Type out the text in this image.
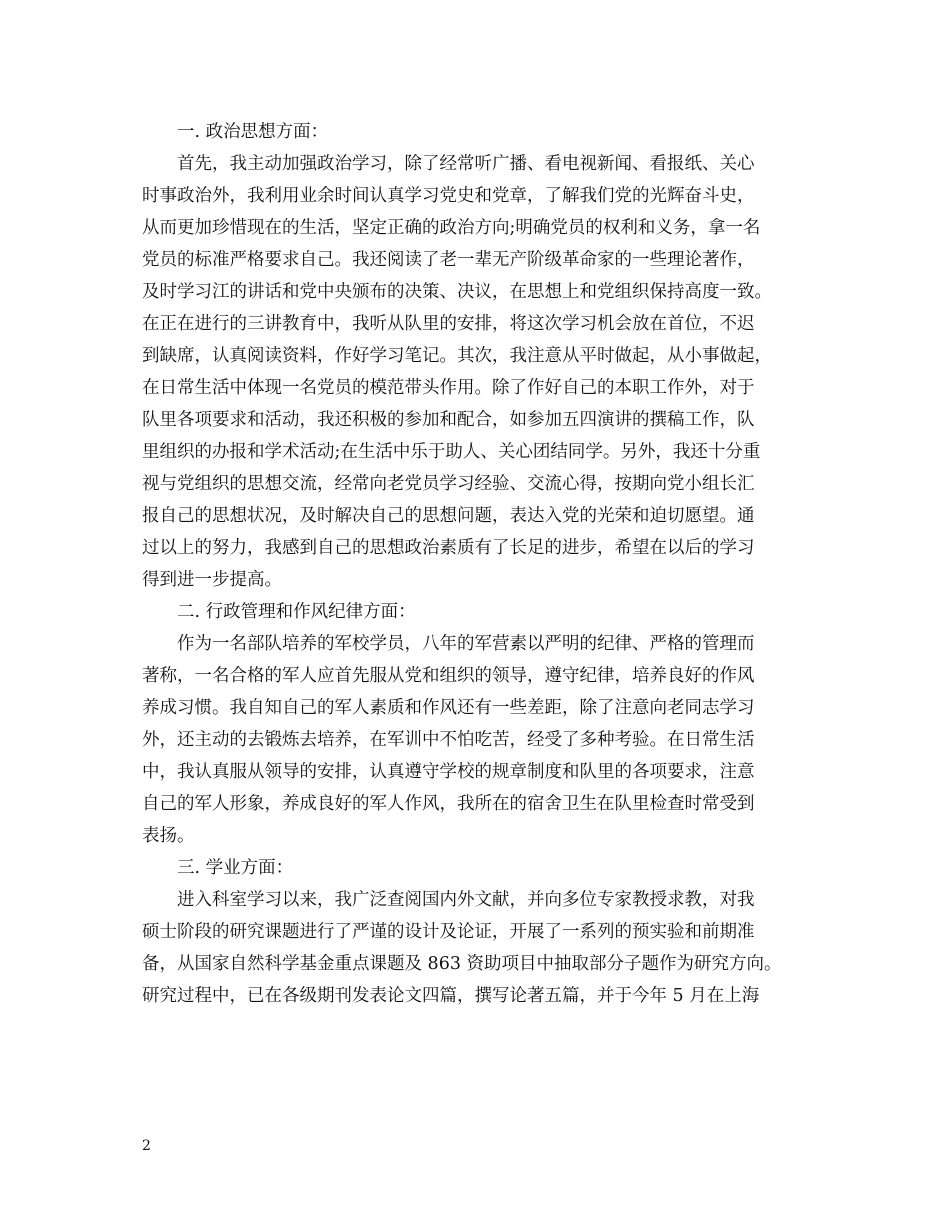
一. 政治思想方面：
首先，我主动加强政治学习，除了经常听广播、看电视新闻、看报纸、关心
时事政治外，我利用业余时间认真学习党史和党章，了解我们党的光辉奋斗史，
从而更加珍惜现在的生活，坚定正确的政治方向;明确党员的权利和义务，拿一名
党员的标准严格要求自己。我还阅读了老一辈无产阶级革命家的一些理论著作，
及时学习江的讲话和党中央颁布的决策、决议，在思想上和党组织保持高度一致。
在正在进行的三讲教育中，我听从队里的安排，将这次学习机会放在首位，不迟
到缺席，认真阅读资料，作好学习笔记。其次，我注意从平时做起，从小事做起，
在日常生活中体现一名党员的模范带头作用。除了作好自己的本职工作外，对于
队里各项要求和活动，我还积极的参加和配合，如参加五四演讲的撰稿工作，队
里组织的办报和学术活动;在生活中乐于助人、关心团结同学。另外，我还十分重
视与党组织的思想交流，经常向老党员学习经验、交流心得，按期向党小组长汇
报自己的思想状况，及时解决自己的思想问题，表达入党的光荣和迫切愿望。通
过以上的努力，我感到自己的思想政治素质有了长足的进步，希望在以后的学习
得到进一步提高。
二. 行政管理和作风纪律方面：
作为一名部队培养的军校学员，八年的军营素以严明的纪律、严格的管理而
著称，一名合格的军人应首先服从党和组织的领导，遵守纪律，培养良好的作风
养成习惯。我自知自己的军人素质和作风还有一些差距，除了注意向老同志学习
外，还主动的去锻炼去培养，在军训中不怕吃苦，经受了多种考验。在日常生活
中，我认真服从领导的安排，认真遵守学校的规章制度和队里的各项要求，注意
自己的军人形象，养成良好的军人作风，我所在的宿舍卫生在队里检查时常受到
表扬。
三. 学业方面：
进入科室学习以来，我广泛查阅国内外文献，并向多位专家教授求教，对我
硕士阶段的研究课题进行了严谨的设计及论证，开展了一系列的预实验和前期准
备，从国家自然科学基金重点课题及 863 资助项目中抽取部分子题作为研究方向。
研究过程中，已在各级期刊发表论文四篇，撰写论著五篇，并于今年 5 月在上海
2
